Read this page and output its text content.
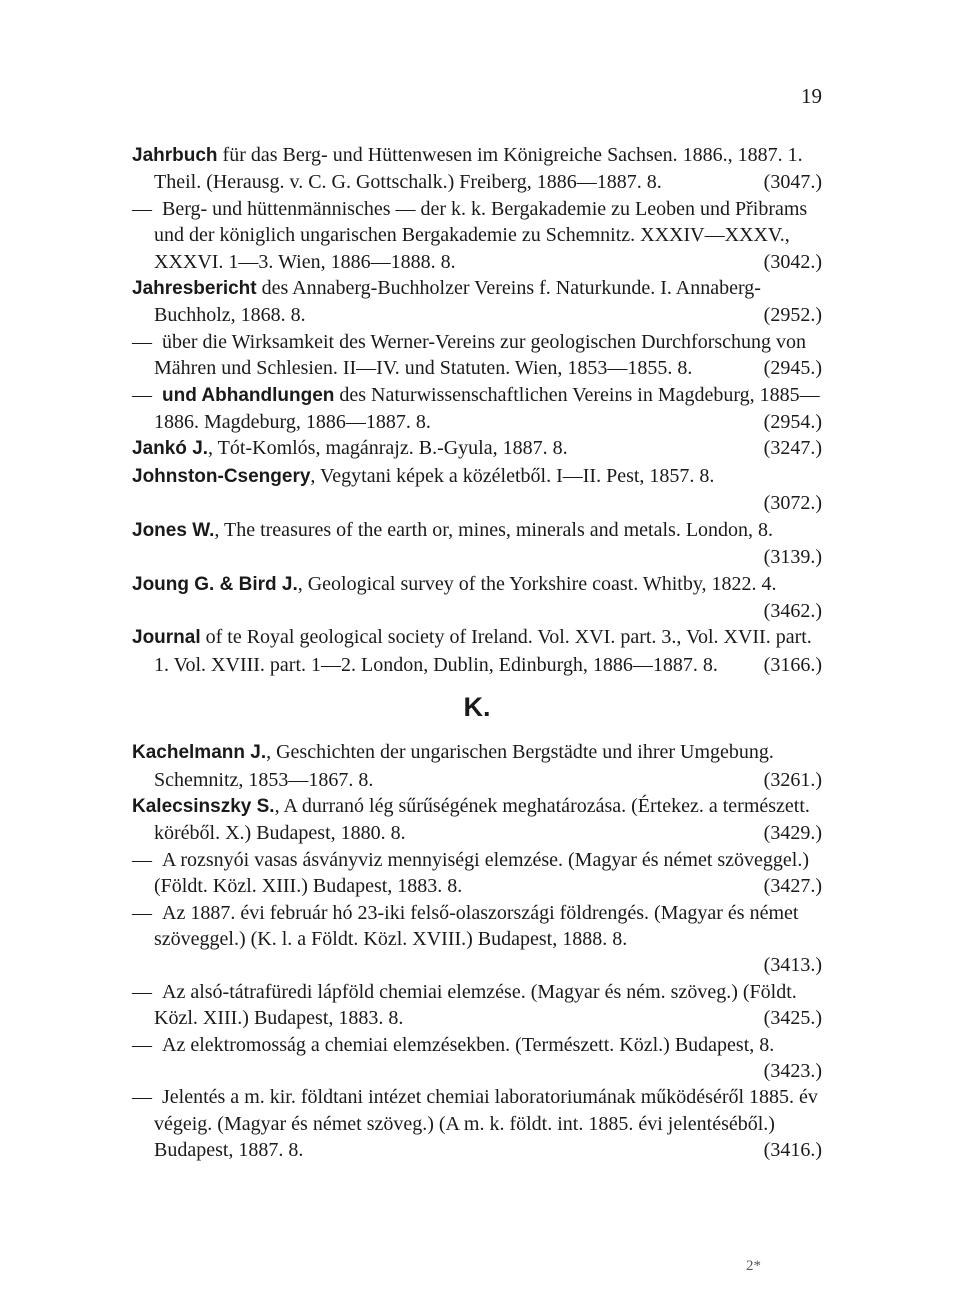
19
Jahrbuch für das Berg- und Hüttenwesen im Königreiche Sachsen. 1886., 1887. 1. Theil. (Herausg. v. C. G. Gottschalk.) Freiberg, 1886—1887. 8.	(3047.)
— Berg- und hüttenmännisches — der k. k. Bergakademie zu Leoben und Přibrams und der königlich ungarischen Bergakademie zu Schemnitz. XXXIV—XXXV., XXXVI. 1—3. Wien, 1886—1888. 8.	(3042.)
Jahresbericht des Annaberg-Buchholzer Vereins f. Naturkunde. I. Annaberg-Buchholz, 1868. 8.	(2952.)
— über die Wirksamkeit des Werner-Vereins zur geologischen Durchforschung von Mähren und Schlesien. II—IV. und Statuten. Wien, 1853—1855. 8.	(2945.)
— und Abhandlungen des Naturwissenschaftlichen Vereins in Magdeburg, 1885—1886. Magdeburg, 1886—1887. 8.	(2954.)
Jankó J., Tót-Komlós, magánrajz. B.-Gyula, 1887. 8.	(3247.)
Johnston-Csengery, Vegytani képek a közéletből. I—II. Pest, 1857. 8.
(3072.)
Jones W., The treasures of the earth or, mines, minerals and metals. London, 8.
(3139.)
Joung G. & Bird J., Geological survey of the Yorkshire coast. Whitby, 1822. 4.
(3462.)
Journal of te Royal geological society of Ireland. Vol. XVI. part. 3., Vol. XVII. part. 1. Vol. XVIII. part. 1—2. London, Dublin, Edinburgh, 1886—1887. 8.	(3166.)
K.
Kachelmann J., Geschichten der ungarischen Bergstädte und ihrer Umgebung. Schemnitz, 1853—1867. 8.	(3261.)
Kalecsinszky S., A durranó lég sűrűségének meghatározása. (Értekez. a természett. köréből. X.) Budapest, 1880. 8.	(3429.)
— A rozsnyói vasas ásványviz mennyiségi elemzése. (Magyar és német szöveggel.) (Földt. Közl. XIII.) Budapest, 1883. 8.	(3427.)
— Az 1887. évi február hó 23-iki felső-olaszországi földrengés. (Magyar és német szöveggel.) (K. l. a Földt. Közl. XVIII.) Budapest, 1888. 8.
(3413.)
— Az alsó-tátrafüredi lápföld chemiai elemzése. (Magyar és ném. szöveg.) (Földt. Közl. XIII.) Budapest, 1883. 8.	(3425.)
— Az elektromosság a chemiai elemzésekben. (Természett. Közl.) Budapest, 8.
(3423.)
— Jelentés a m. kir. földtani intézet chemiai laboratoriumának működéséről 1885. év végeig. (Magyar és német szöveg.) (A m. k. földt. int. 1885. évi jelentéséből.) Budapest, 1887. 8.	(3416.)
2*
